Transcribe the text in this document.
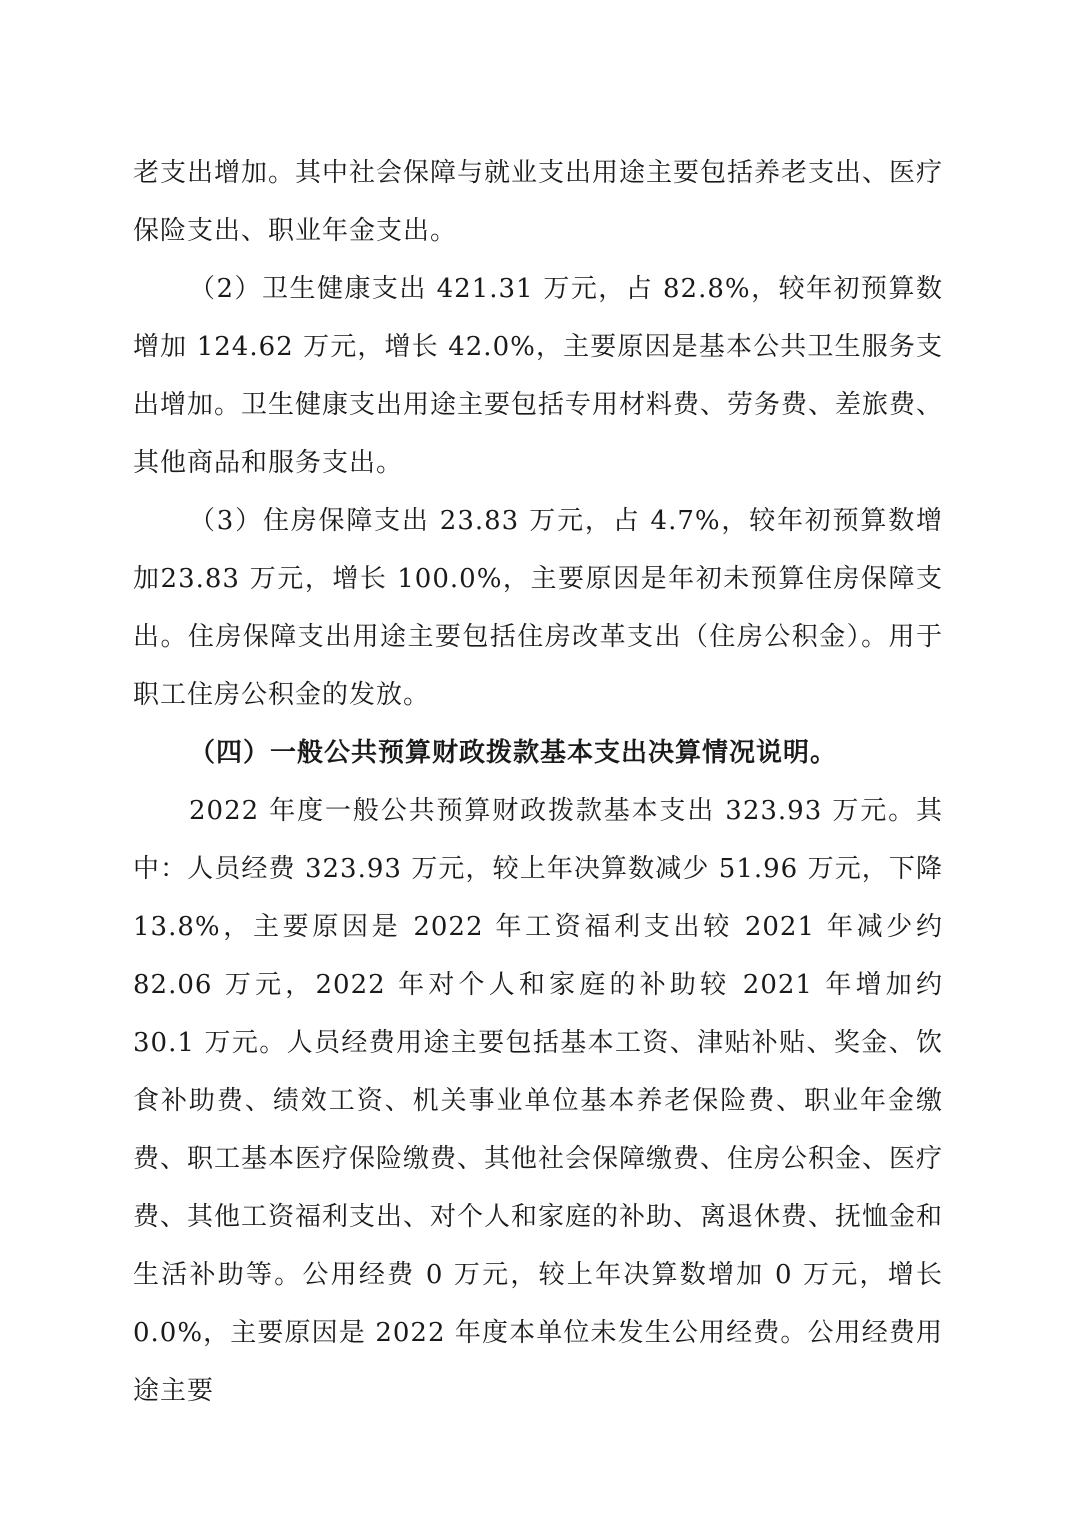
老支出增加。其中社会保障与就业支出用途主要包括养老支出、医疗保险支出、职业年金支出。

（2）卫生健康支出 421.31 万元，占 82.8%，较年初预算数增加 124.62 万元，增长 42.0%，主要原因是基本公共卫生服务支出增加。卫生健康支出用途主要包括专用材料费、劳务费、差旅费、其他商品和服务支出。

（3）住房保障支出 23.83 万元，占 4.7%，较年初预算数增加23.83 万元，增长 100.0%，主要原因是年初未预算住房保障支出。住房保障支出用途主要包括住房改革支出（住房公积金）。用于职工住房公积金的发放。

（四）一般公共预算财政拨款基本支出决算情况说明。

2022 年度一般公共预算财政拨款基本支出 323.93 万元。其中：人员经费 323.93 万元，较上年决算数减少 51.96 万元，下降 13.8%，主要原因是 2022 年工资福利支出较 2021 年减少约 82.06 万元，2022 年对个人和家庭的补助较 2021 年增加约 30.1 万元。人员经费用途主要包括基本工资、津贴补贴、奖金、饮食补助费、绩效工资、机关事业单位基本养老保险费、职业年金缴费、职工基本医疗保险缴费、其他社会保障缴费、住房公积金、医疗费、其他工资福利支出、对个人和家庭的补助、离退休费、抚恤金和生活补助等。公用经费 0 万元，较上年决算数增加 0 万元，增长 0.0%，主要原因是 2022 年度本单位未发生公用经费。公用经费用途主要
